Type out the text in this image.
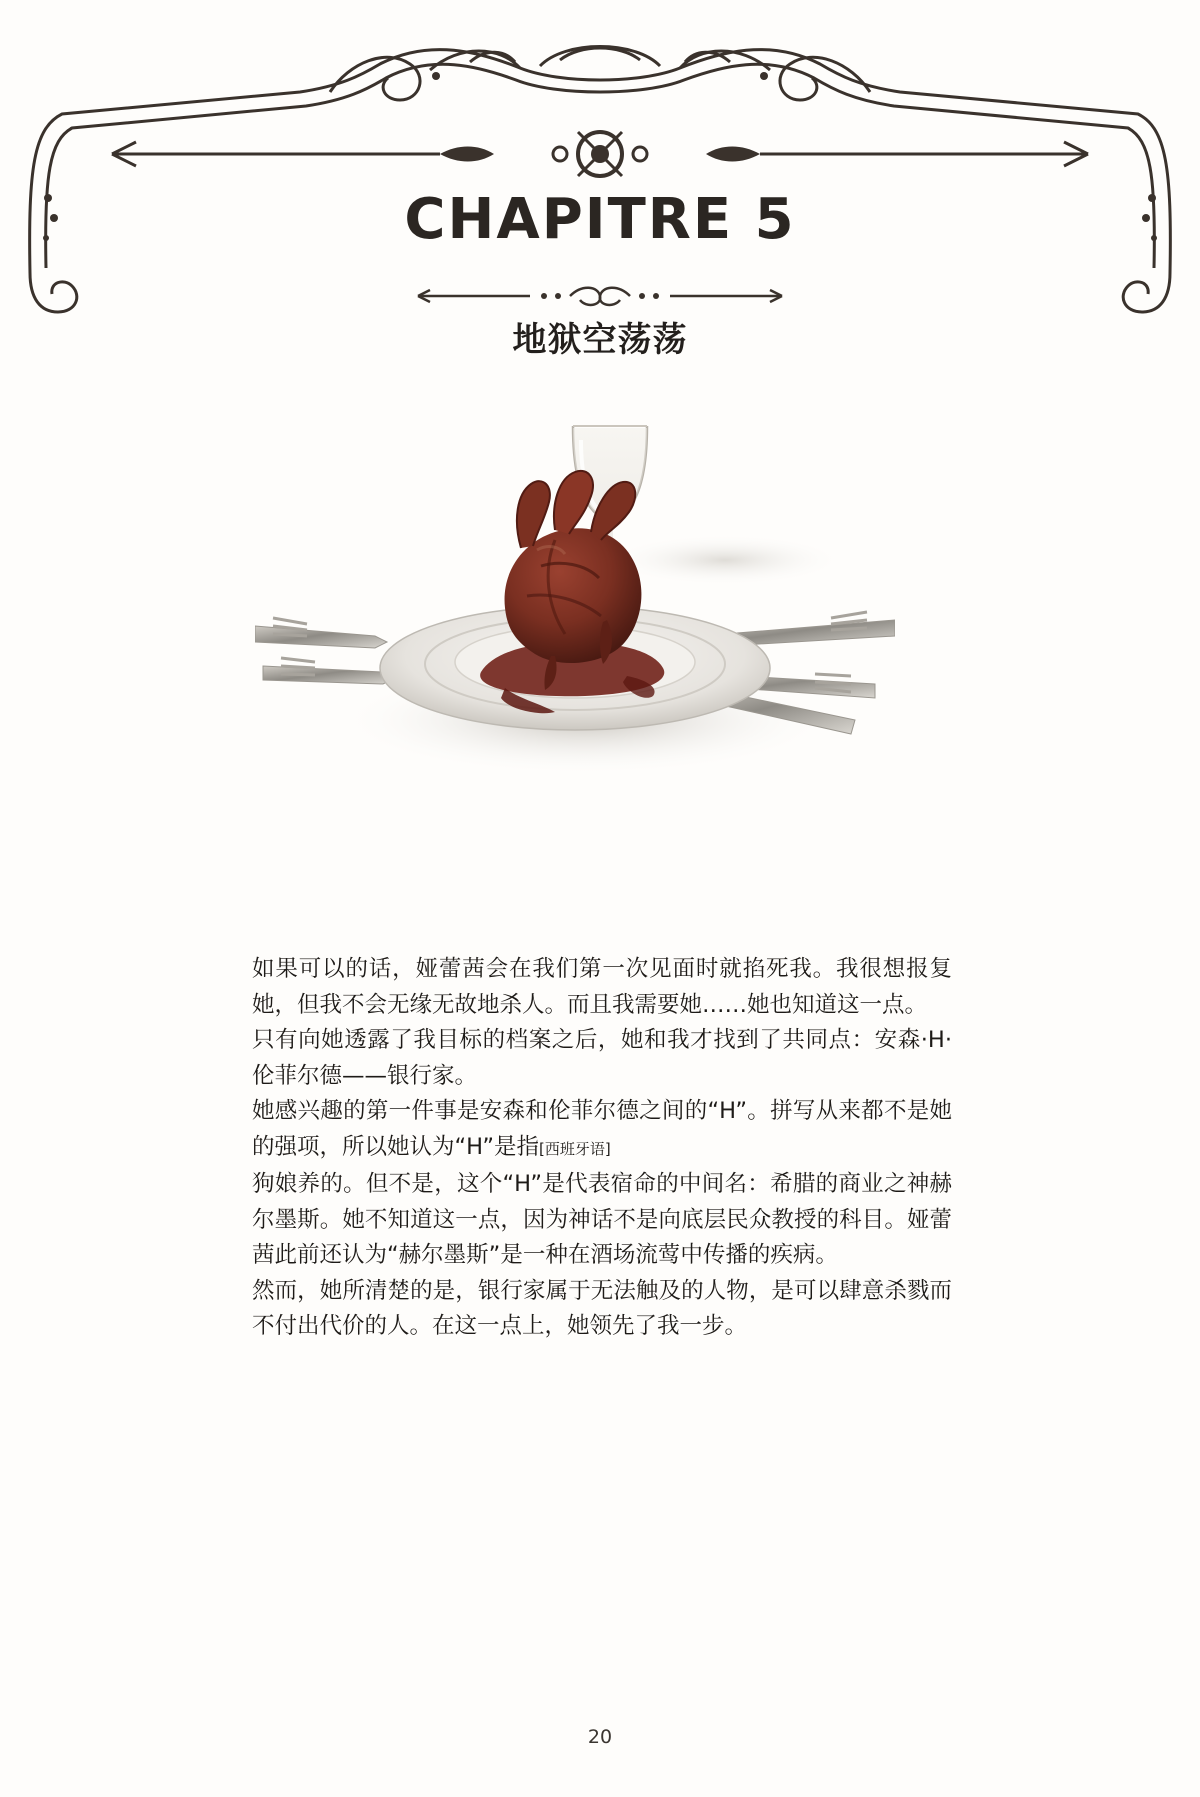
CHAPITRE 5
地狱空荡荡

如果可以的话，娅蕾茜会在我们第一次见面时就掐死我。我很想报复她，但我不会无缘无故地杀人。而且我需要她……她也知道这一点。

只有向她透露了我目标的档案之后，她和我才找到了共同点：安森·H·伦菲尔德——银行家。

她感兴趣的第一件事是安森和伦菲尔德之间的“H”。拼写从来都不是她的强项，所以她认为“H”是指[西班牙语]

狗娘养的。但不是，这个“H”是代表宿命的中间名：希腊的商业之神赫尔墨斯。她不知道这一点，因为神话不是向底层民众教授的科目。娅蕾茜此前还认为“赫尔墨斯”是一种在酒场流莺中传播的疾病。

然而，她所清楚的是，银行家属于无法触及的人物，是可以肆意杀戮而不付出代价的人。在这一点上，她领先了我一步。

20
